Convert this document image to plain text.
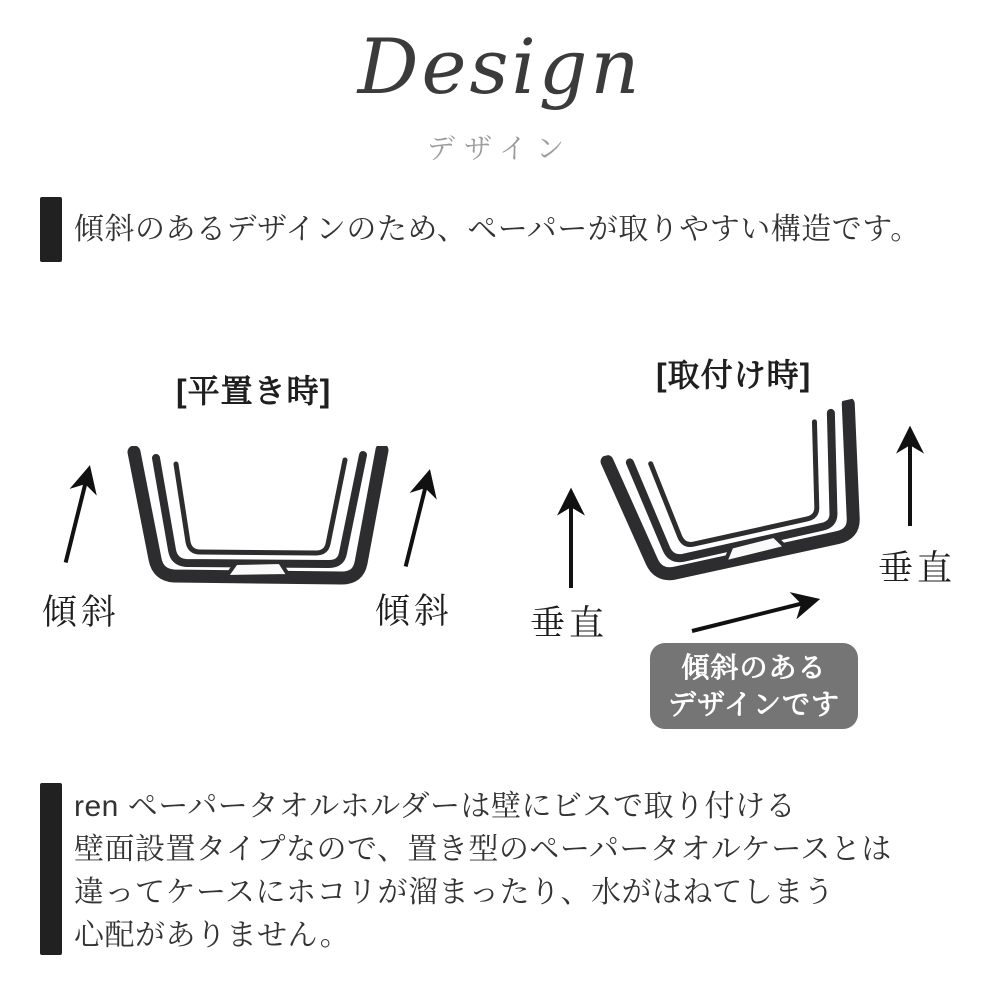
Design
デザイン

傾斜のあるデザインのため、ペーパーが取りやすい構造です。

[平置き時]
傾斜	傾斜
[取付け時]
垂直
垂直
傾斜のある
デザインです
ren ペーパータオルホルダーは壁にビスで取り付ける
壁面設置タイプなので、置き型のペーパータオルケースとは
違ってケースにホコリが溜まったり、水がはねてしまう
心配がありません。
